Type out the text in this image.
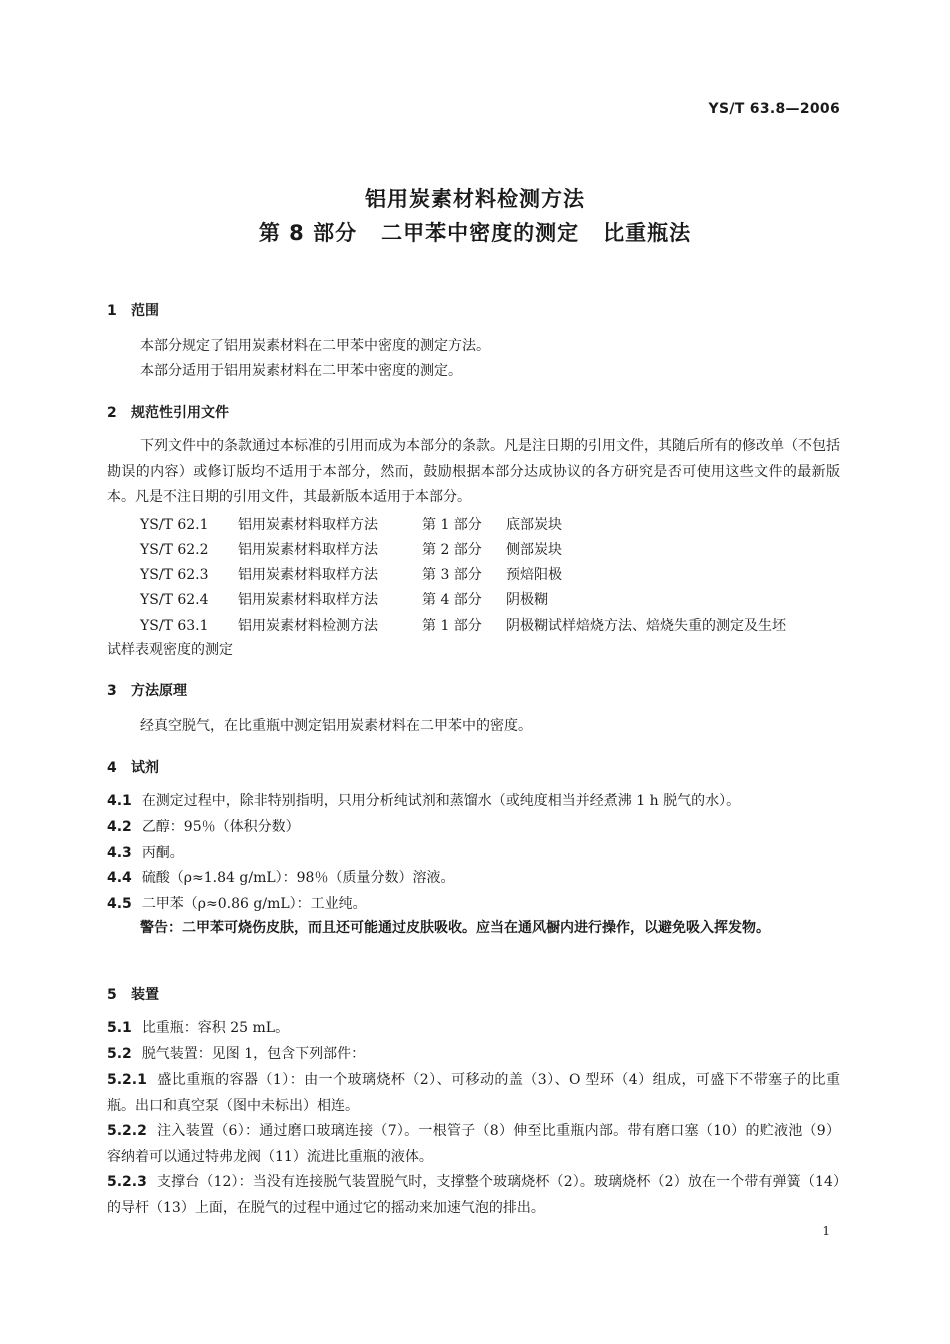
YS/T 63.8—2006
铝用炭素材料检测方法
第 8 部分 二甲苯中密度的测定 比重瓶法
1 范围
本部分规定了铝用炭素材料在二甲苯中密度的测定方法。
本部分适用于铝用炭素材料在二甲苯中密度的测定。
2 规范性引用文件
下列文件中的条款通过本标准的引用而成为本部分的条款。凡是注日期的引用文件，其随后所有的修改单（不包括勘误的内容）或修订版均不适用于本部分，然而，鼓励根据本部分达成协议的各方研究是否可使用这些文件的最新版本。凡是不注日期的引用文件，其最新版本适用于本部分。
YS/T 62.1 铝用炭素材料取样方法	第 1 部分 底部炭块
YS/T 62.2 铝用炭素材料取样方法	第 2 部分 侧部炭块
YS/T 62.3 铝用炭素材料取样方法	第 3 部分 预焙阳极
YS/T 62.4 铝用炭素材料取样方法	第 4 部分 阴极糊
YS/T 63.1 铝用炭素材料检测方法	第 1 部分 阴极糊试样焙烧方法、焙烧失重的测定及生坯
试样表观密度的测定
3 方法原理
经真空脱气，在比重瓶中测定铝用炭素材料在二甲苯中的密度。
4 试剂
4.1 在测定过程中，除非特别指明，只用分析纯试剂和蒸馏水（或纯度相当并经煮沸 1 h 脱气的水）。
4.2 乙醇：95％（体积分数）
4.3 丙酮。
4.4 硫酸（ρ≈1.84 g/mL）：98％（质量分数）溶液。
4.5 二甲苯（ρ≈0.86 g/mL）：工业纯。
警告：二甲苯可烧伤皮肤，而且还可能通过皮肤吸收。应当在通风橱内进行操作，以避免吸入挥发物。
5 装置
5.1 比重瓶：容积 25 mL。
5.2 脱气装置：见图 1，包含下列部件：
5.2.1 盛比重瓶的容器（1）：由一个玻璃烧杯（2）、可移动的盖（3）、O 型环（4）组成，可盛下不带塞子的比重瓶。出口和真空泵（图中未标出）相连。
5.2.2 注入装置（6）：通过磨口玻璃连接（7）。一根管子（8）伸至比重瓶内部。带有磨口塞（10）的贮液池（9）容纳着可以通过特弗龙阀（11）流进比重瓶的液体。
5.2.3 支撑台（12）：当没有连接脱气装置脱气时，支撑整个玻璃烧杯（2）。玻璃烧杯（2）放在一个带有弹簧（14）的导杆（13）上面，在脱气的过程中通过它的摇动来加速气泡的排出。
1
